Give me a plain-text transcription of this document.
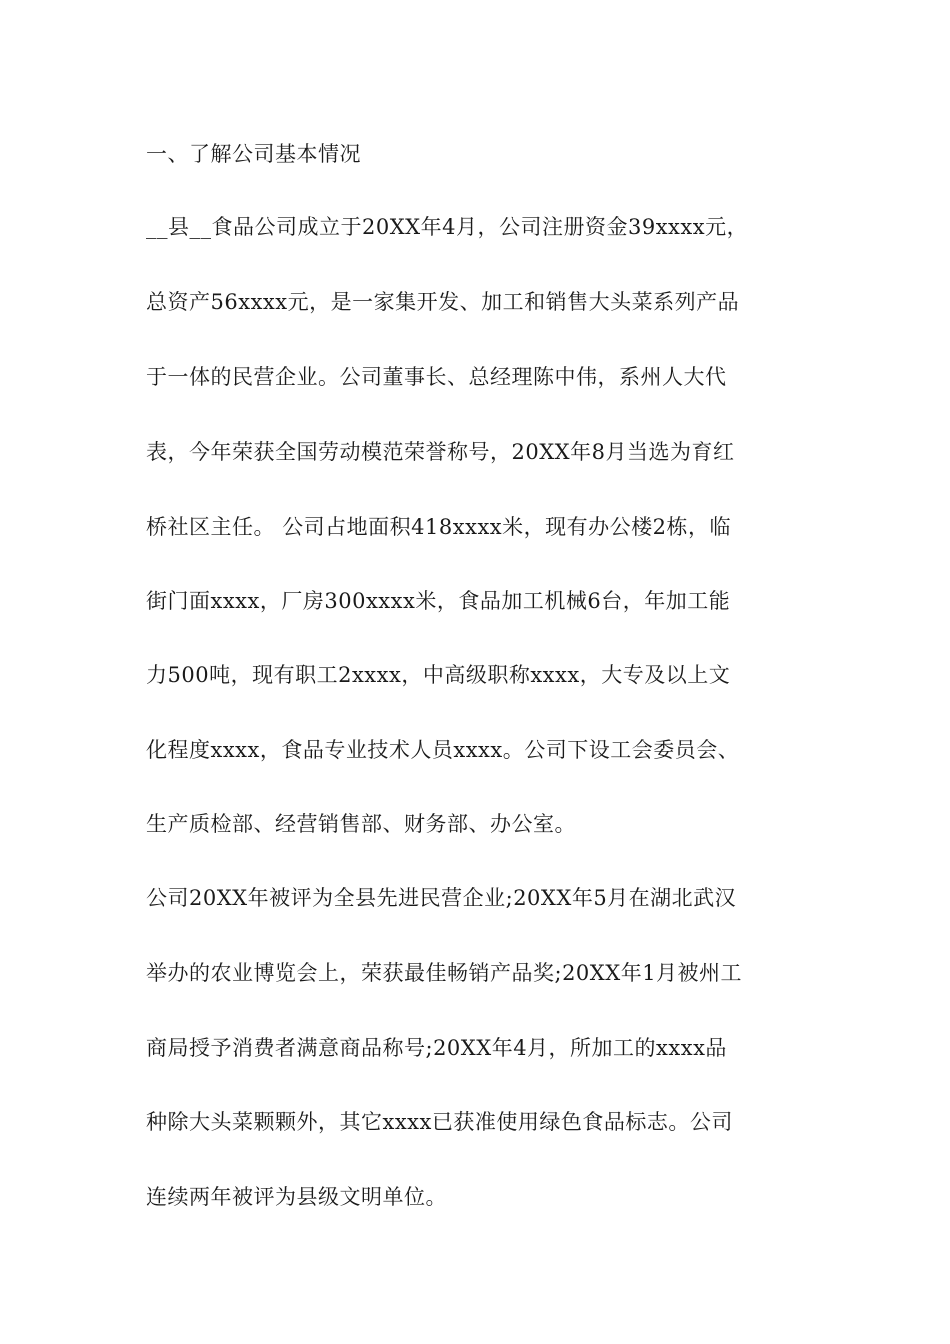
一、了解公司基本情况
__县__食品公司成立于20XX年4月，公司注册资金39xxxx元，
总资产56xxxx元，是一家集开发、加工和销售大头菜系列产品
于一体的民营企业。公司董事长、总经理陈中伟，系州人大代
表，今年荣获全国劳动模范荣誉称号，20XX年8月当选为育红
桥社区主任。 公司占地面积418xxxx米，现有办公楼2栋，临
街门面xxxx，厂房300xxxx米，食品加工机械6台，年加工能
力500吨，现有职工2xxxx，中高级职称xxxx，大专及以上文
化程度xxxx，食品专业技术人员xxxx。公司下设工会委员会、
生产质检部、经营销售部、财务部、办公室。
公司20XX年被评为全县先进民营企业;20XX年5月在湖北武汉
举办的农业博览会上，荣获最佳畅销产品奖;20XX年1月被州工
商局授予消费者满意商品称号;20XX年4月，所加工的xxxx品
种除大头菜颗颗外，其它xxxx已获准使用绿色食品标志。公司
连续两年被评为县级文明单位。
